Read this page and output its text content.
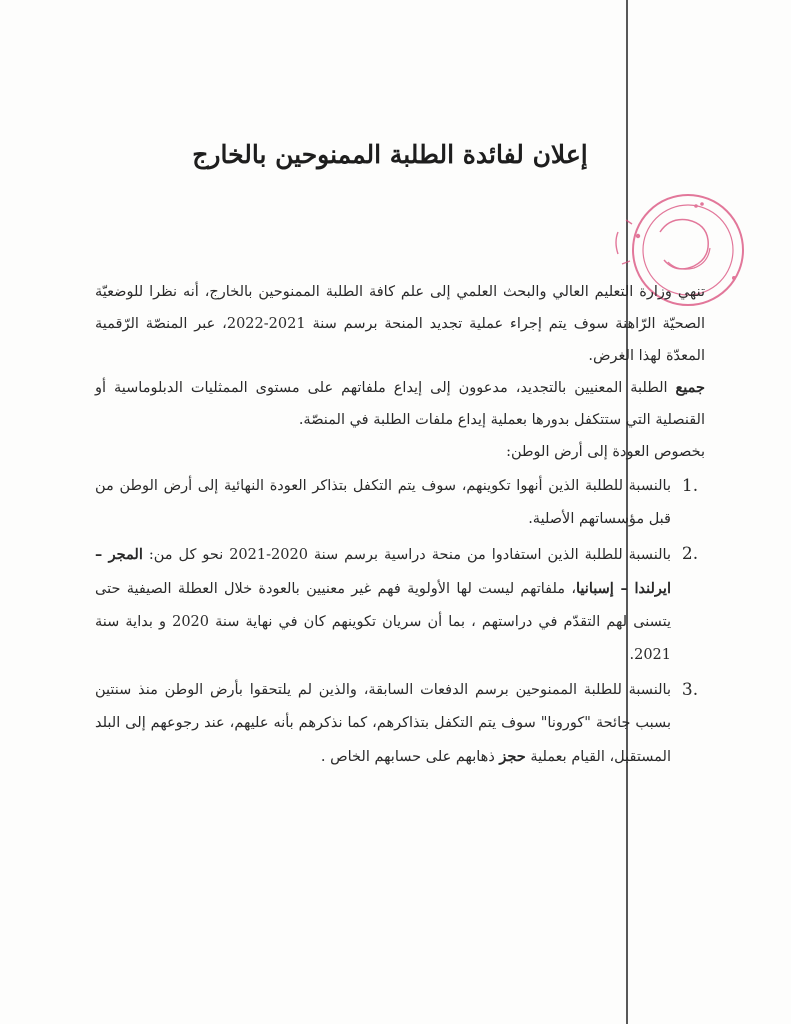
إعلان لفائدة الطلبة الممنوحين بالخارج

تنهي وزارة التعليم العالي والبحث العلمي إلى علم كافة الطلبة الممنوحين بالخارج، أنه نظرا للوضعيّة الصحيّة الرّاهنة سوف يتم إجراء عملية تجديد المنحة برسم سنة 2021-2022، عبر المنصّة الرّقمية المعدّة لهذا الغرض.

جميع الطلبة المعنيين بالتجديد، مدعوون إلى إيداع ملفاتهم على مستوى الممثليات الدبلوماسية أو القنصلية التي ستتكفل بدورها بعملية إيداع ملفات الطلبة في المنصّة.

بخصوص العودة إلى أرض الوطن:

1.
بالنسبة للطلبة الذين أنهوا تكوينهم، سوف يتم التكفل بتذاكر العودة النهائية إلى أرض الوطن من قبل مؤسساتهم الأصلية.
2.
بالنسبة للطلبة الذين استفادوا من منحة دراسية برسم سنة 2020-2021 نحو كل من: المجر – ايرلندا – إسبانيا، ملفاتهم ليست لها الأولوية فهم غير معنيين بالعودة خلال العطلة الصيفية حتى يتسنى لهم التقدّم في دراستهم ، بما أن سريان تكوينهم كان في نهاية سنة 2020 و بداية سنة 2021.
3.
بالنسبة للطلبة الممنوحين برسم الدفعات السابقة، والذين لم يلتحقوا بأرض الوطن منذ سنتين بسبب جائحة "كورونا" سوف يتم التكفل بتذاكرهم، كما نذكرهم بأنه عليهم، عند رجوعهم إلى البلد المستقبل، القيام بعملية حجز ذهابهم على حسابهم الخاص .
